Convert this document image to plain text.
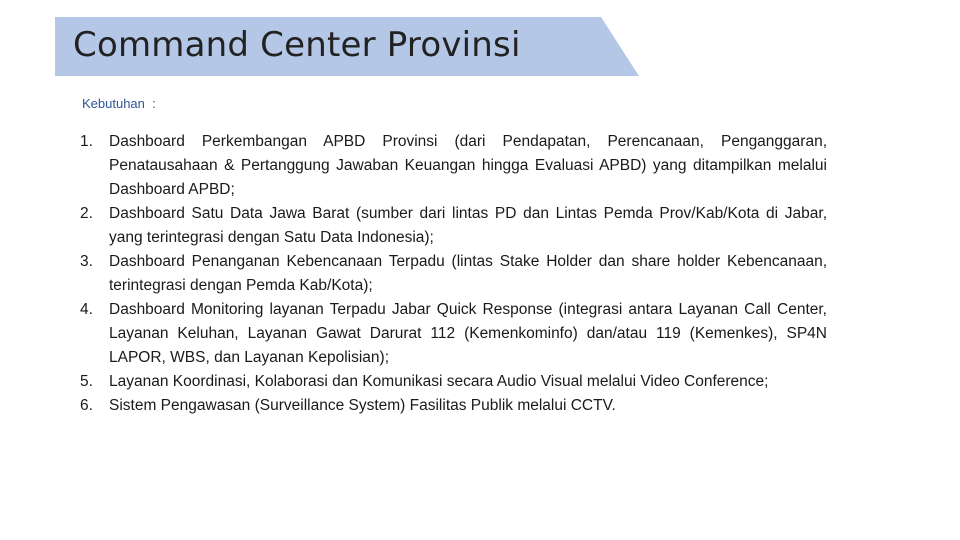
Command Center Provinsi
Kebutuhan  :
1. Dashboard Perkembangan APBD Provinsi (dari Pendapatan, Perencanaan, Penganggaran, Penatausahaan & Pertanggung Jawaban Keuangan hingga Evaluasi APBD) yang ditampilkan melalui Dashboard APBD;
2. Dashboard Satu Data Jawa Barat (sumber dari lintas PD dan Lintas Pemda Prov/Kab/Kota di Jabar, yang terintegrasi dengan Satu Data Indonesia);
3. Dashboard Penanganan Kebencanaan Terpadu (lintas Stake Holder dan share holder Kebencanaan, terintegrasi dengan Pemda Kab/Kota);
4. Dashboard Monitoring layanan Terpadu Jabar Quick Response (integrasi antara Layanan Call Center, Layanan Keluhan, Layanan Gawat Darurat 112 (Kemenkominfo) dan/atau 119 (Kemenkes), SP4N LAPOR, WBS, dan Layanan Kepolisian);
5. Layanan Koordinasi, Kolaborasi dan Komunikasi secara Audio Visual melalui Video Conference;
6. Sistem Pengawasan (Surveillance System) Fasilitas Publik melalui CCTV.
